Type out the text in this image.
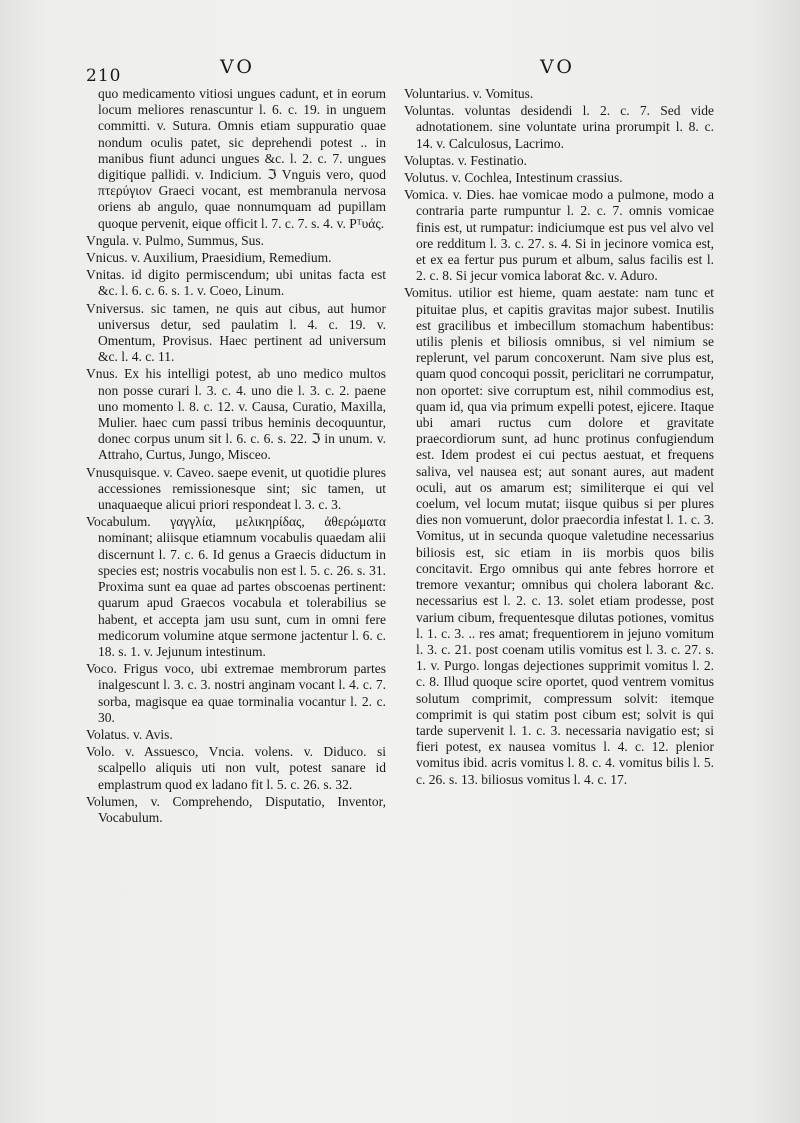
210	VO	VO

quo medicamento vitiosi ungues cadunt, et in eorum locum meliores renascuntur l. 6. c. 19. in unguem committi. v. Sutura. Omnis etiam suppuratio quae nondum oculis patet, sic deprehendi potest .. in manibus fiunt adunci ungues &c. l. 2. c. 7. ungues digitique pallidi. v. Indicium. ℑ Vnguis vero, quod πτερύγιον Graeci vocant, est membranula nervosa oriens ab angulo, quae nonnumquam ad pupillam quoque pervenit, eique officit l. 7. c. 7. s. 4. v. Pᵀυάς.

Vngula. v. Pulmo, Summus, Sus.

Vnicus. v. Auxilium, Praesidium, Remedium.

Vnitas. id digito permiscendum; ubi unitas facta est &c. l. 6. c. 6. s. 1. v. Coeo, Linum.

Vniversus. sic tamen, ne quis aut cibus, aut humor universus detur, sed paulatim l. 4. c. 19. v. Omentum, Provisus. Haec pertinent ad universum &c. l. 4. c. 11.

Vnus. Ex his intelligi potest, ab uno medico multos non posse curari l. 3. c. 4. uno die l. 3. c. 2. paene uno momento l. 8. c. 12. v. Causa, Curatio, Maxilla, Mulier. haec cum passi tribus heminis decoquuntur, donec corpus unum sit l. 6. c. 6. s. 22. ℑ in unum. v. Attraho, Curtus, Jungo, Misceo.

Vnusquisque. v. Caveo. saepe evenit, ut quotidie plures accessiones remissionesque sint; sic tamen, ut unaquaeque alicui priori respondeat l. 3. c. 3.

Vocabulum. γαγγλία, μελικηρίδας, ἀθερώματα nominant; aliisque etiamnum vocabulis quaedam alii discernunt l. 7. c. 6. Id genus a Graecis diductum in species est; nostris vocabulis non est l. 5. c. 26. s. 31. Proxima sunt ea quae ad partes obscoenas pertinent: quarum apud Graecos vocabula et tolerabilius se habent, et accepta jam usu sunt, cum in omni fere medicorum volumine atque sermone jactentur l. 6. c. 18. s. 1. v. Jejunum intestinum.

Voco. Frigus voco, ubi extremae membrorum partes inalgescunt l. 3. c. 3. nostri anginam vocant l. 4. c. 7. sorba, magisque ea quae torminalia vocantur l. 2. c. 30.

Volatus. v. Avis.

Volo. v. Assuesco, Vncia. volens. v. Diduco. si scalpello aliquis uti non vult, potest sanare id emplastrum quod ex ladano fit l. 5. c. 26. s. 32.

Volumen, v. Comprehendo, Disputatio, Inventor, Vocabulum.

Voluntarius. v. Vomitus.

Voluntas. voluntas desidendi l. 2. c. 7. Sed vide adnotationem. sine voluntate urina prorumpit l. 8. c. 14. v. Calculosus, Lacrimo.

Voluptas. v. Festinatio.

Volutus. v. Cochlea, Intestinum crassius.

Vomica. v. Dies. hae vomicae modo a pulmone, modo a contraria parte rumpuntur l. 2. c. 7. omnis vomicae finis est, ut rumpatur: indiciumque est pus vel alvo vel ore redditum l. 3. c. 27. s. 4. Si in jecinore vomica est, et ex ea fertur pus purum et album, salus facilis est l. 2. c. 8. Si jecur vomica laborat &c. v. Aduro.

Vomitus. utilior est hieme, quam aestate: nam tunc et pituitae plus, et capitis gravitas major subest. Inutilis est gracilibus et imbecillum stomachum habentibus: utilis plenis et biliosis omnibus, si vel nimium se replerunt, vel parum concoxerunt. Nam sive plus est, quam quod concoqui possit, periclitari ne corrumpatur, non oportet: sive corruptum est, nihil commodius est, quam id, qua via primum expelli potest, ejicere. Itaque ubi amari ructus cum dolore et gravitate praecordiorum sunt, ad hunc protinus confugiendum est. Idem prodest ei cui pectus aestuat, et frequens saliva, vel nausea est; aut sonant aures, aut madent oculi, aut os amarum est; similiterque ei qui vel coelum, vel locum mutat; iisque quibus si per plures dies non vomuerunt, dolor praecordia infestat l. 1. c. 3. Vomitus, ut in secunda quoque valetudine necessarius biliosis est, sic etiam in iis morbis quos bilis concitavit. Ergo omnibus qui ante febres horrore et tremore vexantur; omnibus qui cholera laborant &c. necessarius est l. 2. c. 13. solet etiam prodesse, post varium cibum, frequentesque dilutas potiones, vomitus l. 1. c. 3. .. res amat; frequentiorem in jejuno vomitum l. 3. c. 21. post coenam utilis vomitus est l. 3. c. 27. s. 1. v. Purgo. longas dejectiones supprimit vomitus l. 2. c. 8. Illud quoque scire oportet, quod ventrem vomitus solutum comprimit, compressum solvit: itemque comprimit is qui statim post cibum est; solvit is qui tarde supervenit l. 1. c. 3. necessaria navigatio est; si fieri potest, ex nausea vomitus l. 4. c. 12. plenior vomitus ibid. acris vomitus l. 8. c. 4. vomitus bilis l. 5. c. 26. s. 13. biliosus vomitus l. 4. c. 17.
